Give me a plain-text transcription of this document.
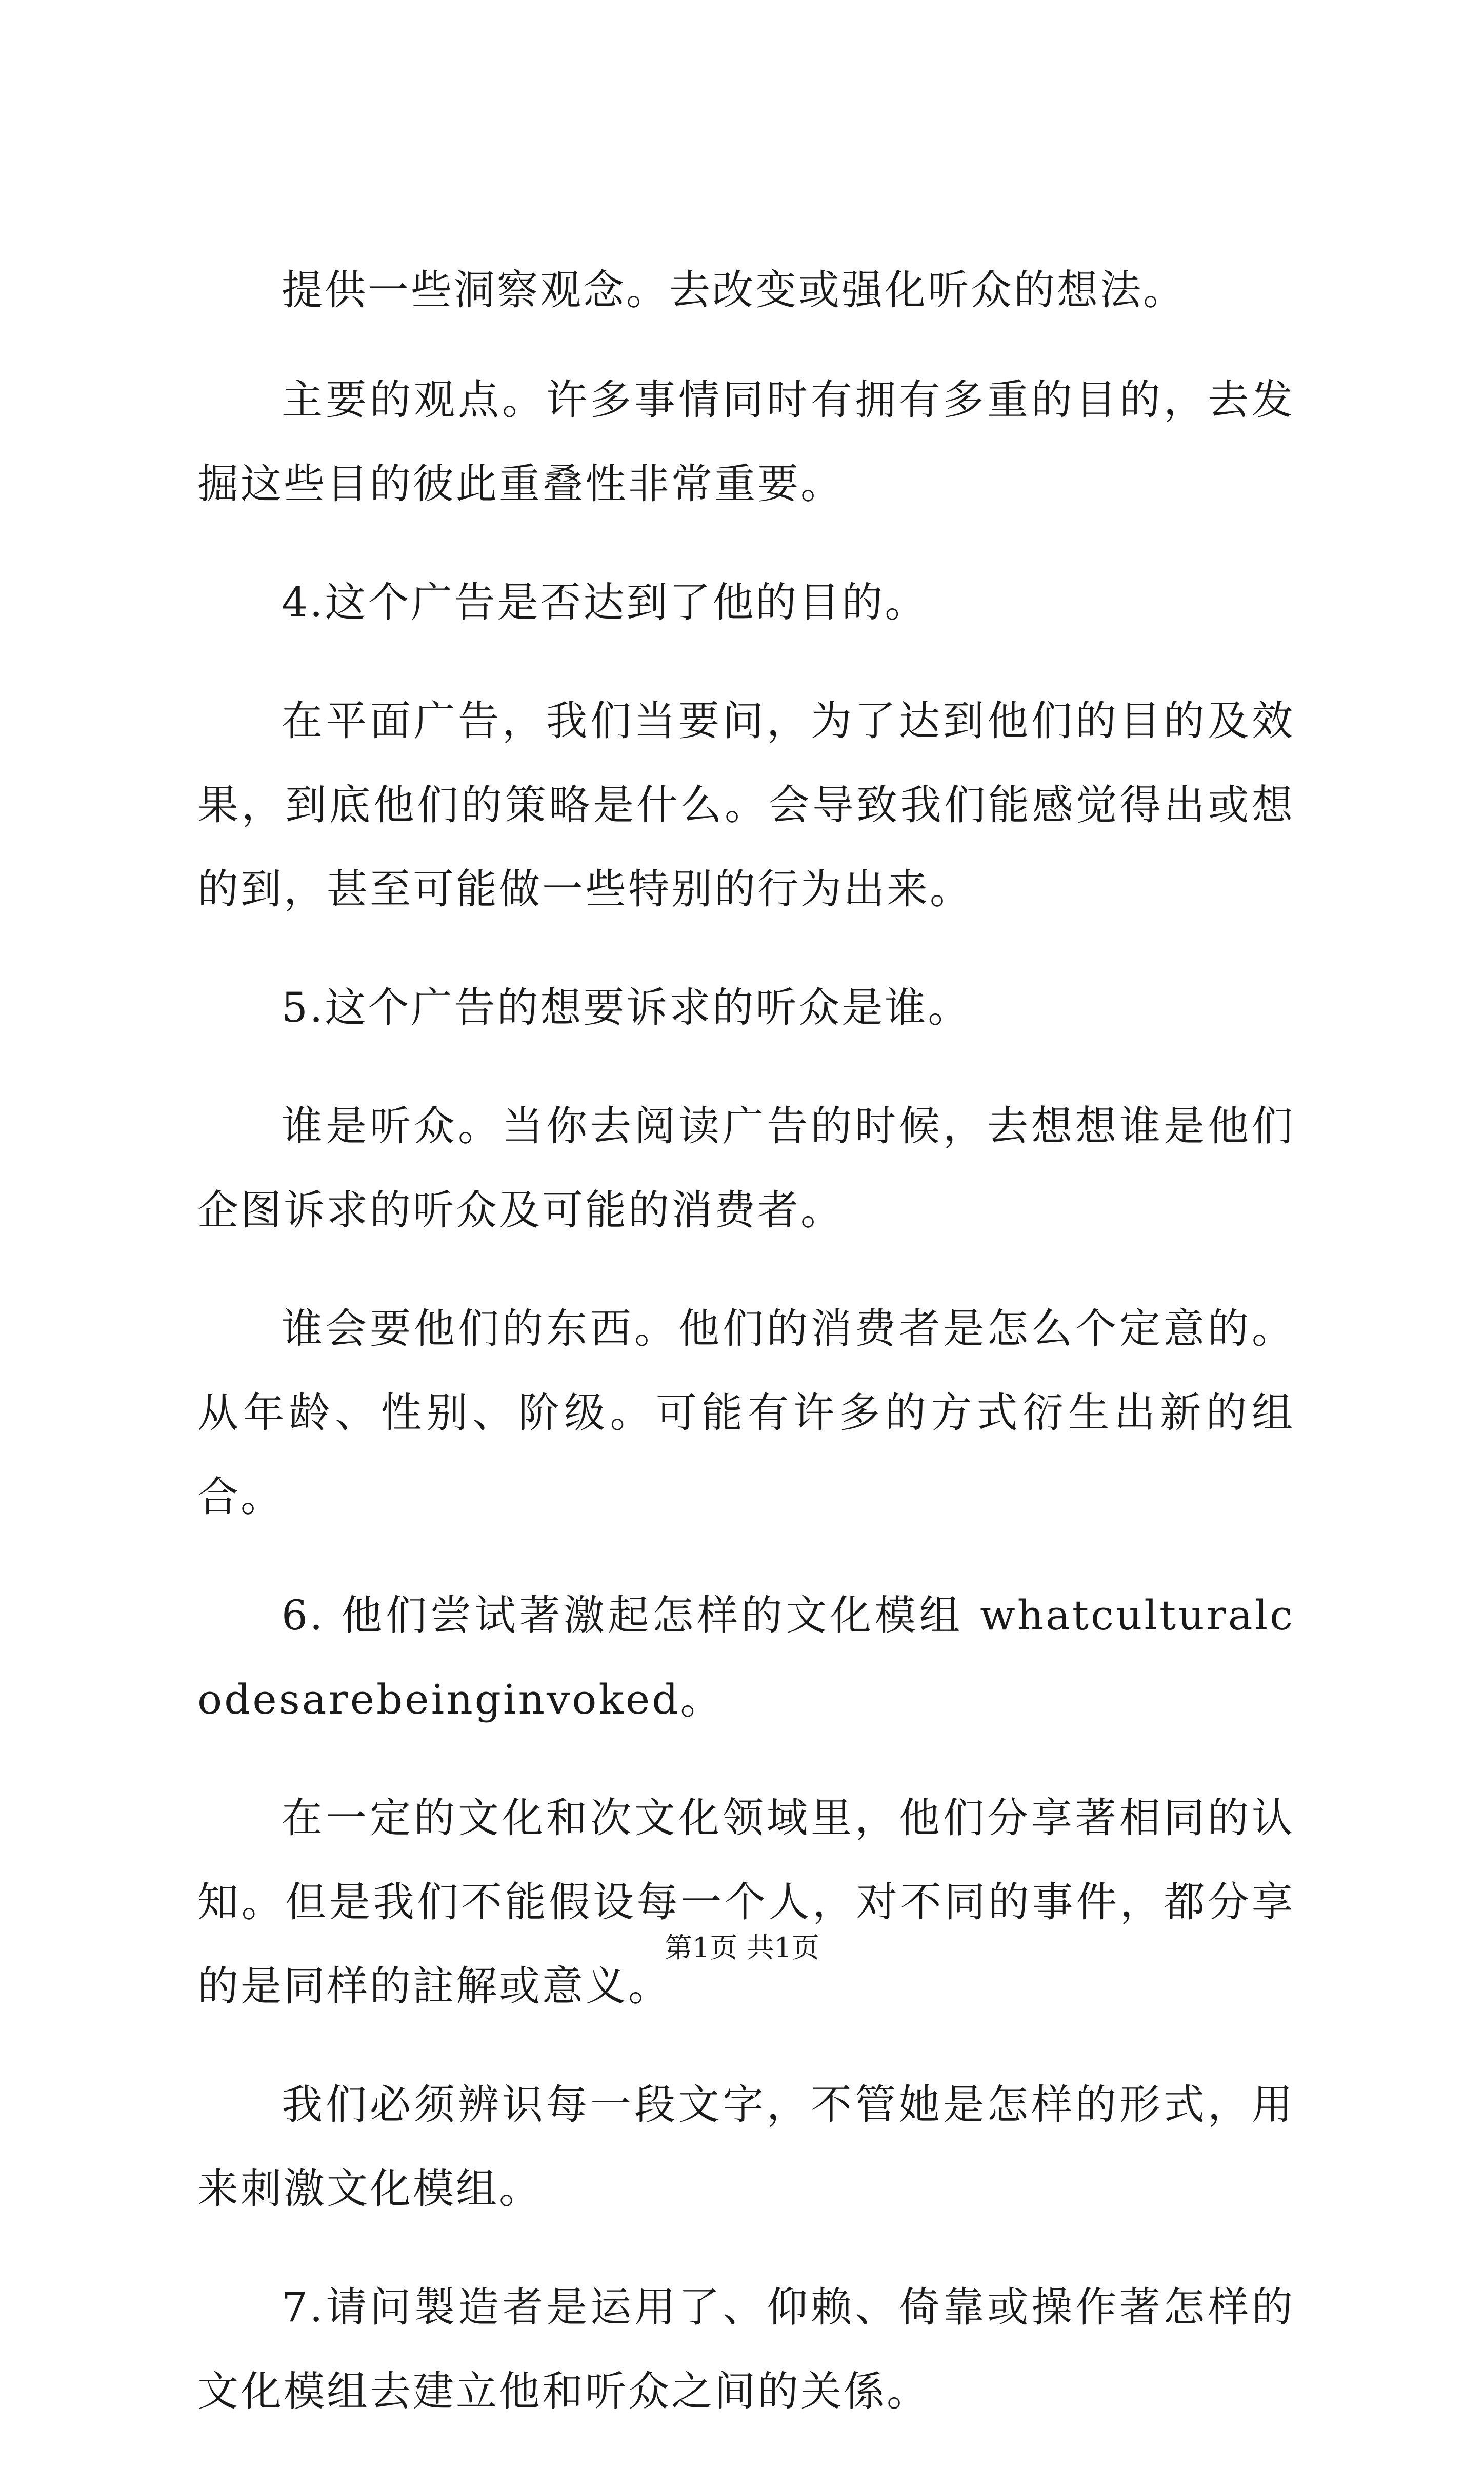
提供一些洞察观念。去改变或强化听众的想法。

主要的观点。许多事情同时有拥有多重的目的，去发掘这些目的彼此重叠性非常重要。

4.这个广告是否达到了他的目的。

在平面广告，我们当要问，为了达到他们的目的及效果，到底他们的策略是什么。会导致我们能感觉得出或想的到，甚至可能做一些特别的行为出来。

5.这个广告的想要诉求的听众是谁。

谁是听众。当你去阅读广告的时候，去想想谁是他们企图诉求的听众及可能的消费者。

谁会要他们的东西。他们的消费者是怎么个定意的。从年龄、性别、阶级。可能有许多的方式衍生出新的组合。

6. 他们尝试著激起怎样的文化模组 whatculturalcodesarebeinginvoked。

在一定的文化和次文化领域里，他们分享著相同的认知。但是我们不能假设每一个人，对不同的事件，都分享的是同样的註解或意义。

我们必须辨识每一段文字，不管她是怎样的形式，用来刺激文化模组。

7.请问製造者是运用了、仰赖、倚靠或操作著怎样的文化模组去建立他和听众之间的关係。

第1页 共1页
